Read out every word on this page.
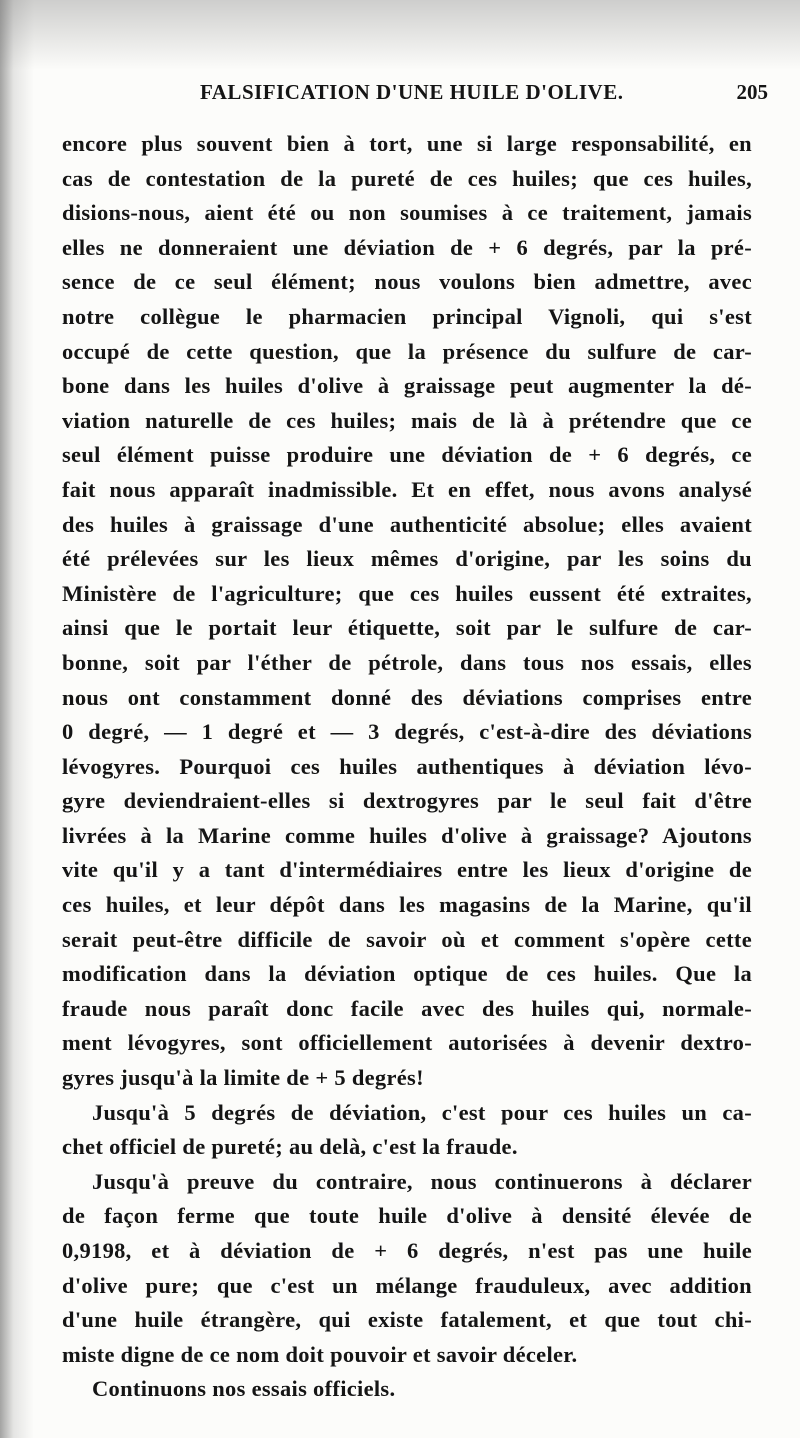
FALSIFICATION D'UNE HUILE D'OLIVE.	205
encore plus souvent bien à tort, une si large responsabilité, en
cas de contestation de la pureté de ces huiles; que ces huiles,
disions-nous, aient été ou non soumises à ce traitement, jamais
elles ne donneraient une déviation de + 6 degrés, par la pré-
sence de ce seul élément; nous voulons bien admettre, avec
notre collègue le pharmacien principal Vignoli, qui s'est
occupé de cette question, que la présence du sulfure de car-
bone dans les huiles d'olive à graissage peut augmenter la dé-
viation naturelle de ces huiles; mais de là à prétendre que ce
seul élément puisse produire une déviation de + 6 degrés, ce
fait nous apparaît inadmissible. Et en effet, nous avons analysé
des huiles à graissage d'une authenticité absolue; elles avaient
été prélevées sur les lieux mêmes d'origine, par les soins du
Ministère de l'agriculture; que ces huiles eussent été extraites,
ainsi que le portait leur étiquette, soit par le sulfure de car-
bonne, soit par l'éther de pétrole, dans tous nos essais, elles
nous ont constamment donné des déviations comprises entre
0 degré, — 1 degré et — 3 degrés, c'est-à-dire des déviations
lévogyres. Pourquoi ces huiles authentiques à déviation lévo-
gyre deviendraient-elles si dextrogyres par le seul fait d'être
livrées à la Marine comme huiles d'olive à graissage? Ajoutons
vite qu'il y a tant d'intermédiaires entre les lieux d'origine de
ces huiles, et leur dépôt dans les magasins de la Marine, qu'il
serait peut-être difficile de savoir où et comment s'opère cette
modification dans la déviation optique de ces huiles. Que la
fraude nous paraît donc facile avec des huiles qui, normale-
ment lévogyres, sont officiellement autorisées à devenir dextro-
gyres jusqu'à la limite de + 5 degrés!
Jusqu'à 5 degrés de déviation, c'est pour ces huiles un ca-
chet officiel de pureté; au delà, c'est la fraude.
Jusqu'à preuve du contraire, nous continuerons à déclarer
de façon ferme que toute huile d'olive à densité élevée de
0,9198, et à déviation de + 6 degrés, n'est pas une huile
d'olive pure; que c'est un mélange frauduleux, avec addition
d'une huile étrangère, qui existe fatalement, et que tout chi-
miste digne de ce nom doit pouvoir et savoir déceler.
Continuons nos essais officiels.
